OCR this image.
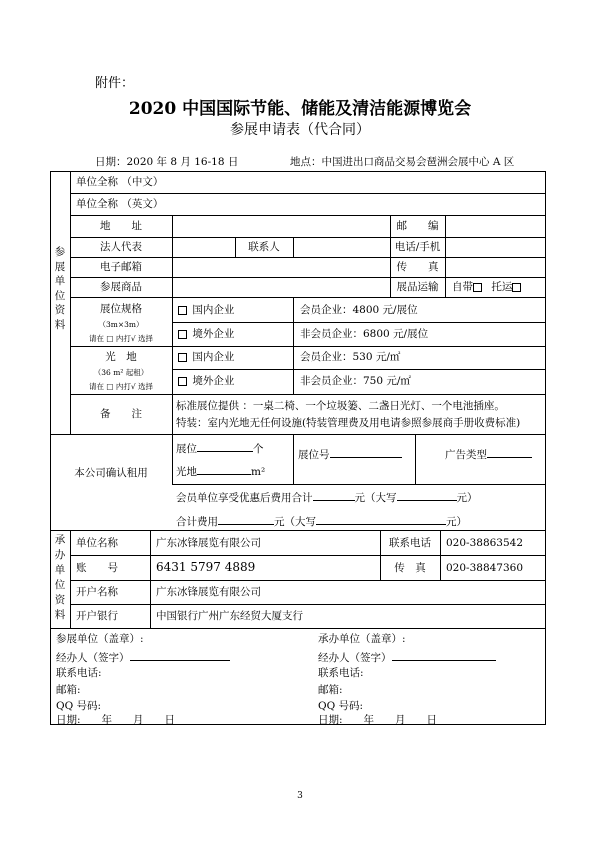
附件：
2020 中国国际节能、储能及清洁能源博览会
参展申请表（代合同）
日期：2020 年 8 月 16-18 日	地点：中国进出口商品交易会琶洲会展中心 A 区
参展单位资料
单位全称 （中文）
单位全称 （英文）
地　　址	邮　　编
法人代表	联系人	电话/手机
电子邮箱	传　　真
参展商品	展品运输	自带 托运
展位规格
（3m×3m）
请在 □ 内打√ 选择
国内企业	会员企业：4800 元/展位
境外企业	非会员企业：6800 元/展位
光　地
（36 m² 起租）
请在 □ 内打√ 选择
国内企业	会员企业：530 元/㎡
境外企业	非会员企业：750 元/㎡
备　　注
标准展位提供 ：一桌二椅、一个垃圾篓、二盏日光灯、一个电池插座。
特装：室内光地无任何设施(特装管理费及用电请参照参展商手册收费标准)
本公司确认租用
展位	个
光地	m²
展位号	广告类型
会员单位享受优惠后费用合计	元（大写	元）
合计费用	元（大写	元）
承办单位资料
单位名称	广东冰锋展览有限公司	联系电话	020-38863542
账　　号	6431 5797 4889	传　真	020-38847360
开户名称	广东冰锋展览有限公司
开户银行	中国银行广州广东经贸大厦支行
参展单位（盖章）:
经办人（签字）
联系电话:
邮箱:
QQ 号码:
日期:　　年　　月　　日
承办单位（盖章）:
经办人（签字）
联系电话:
邮箱:
QQ 号码:
日期:　　年　　月　　日
3
